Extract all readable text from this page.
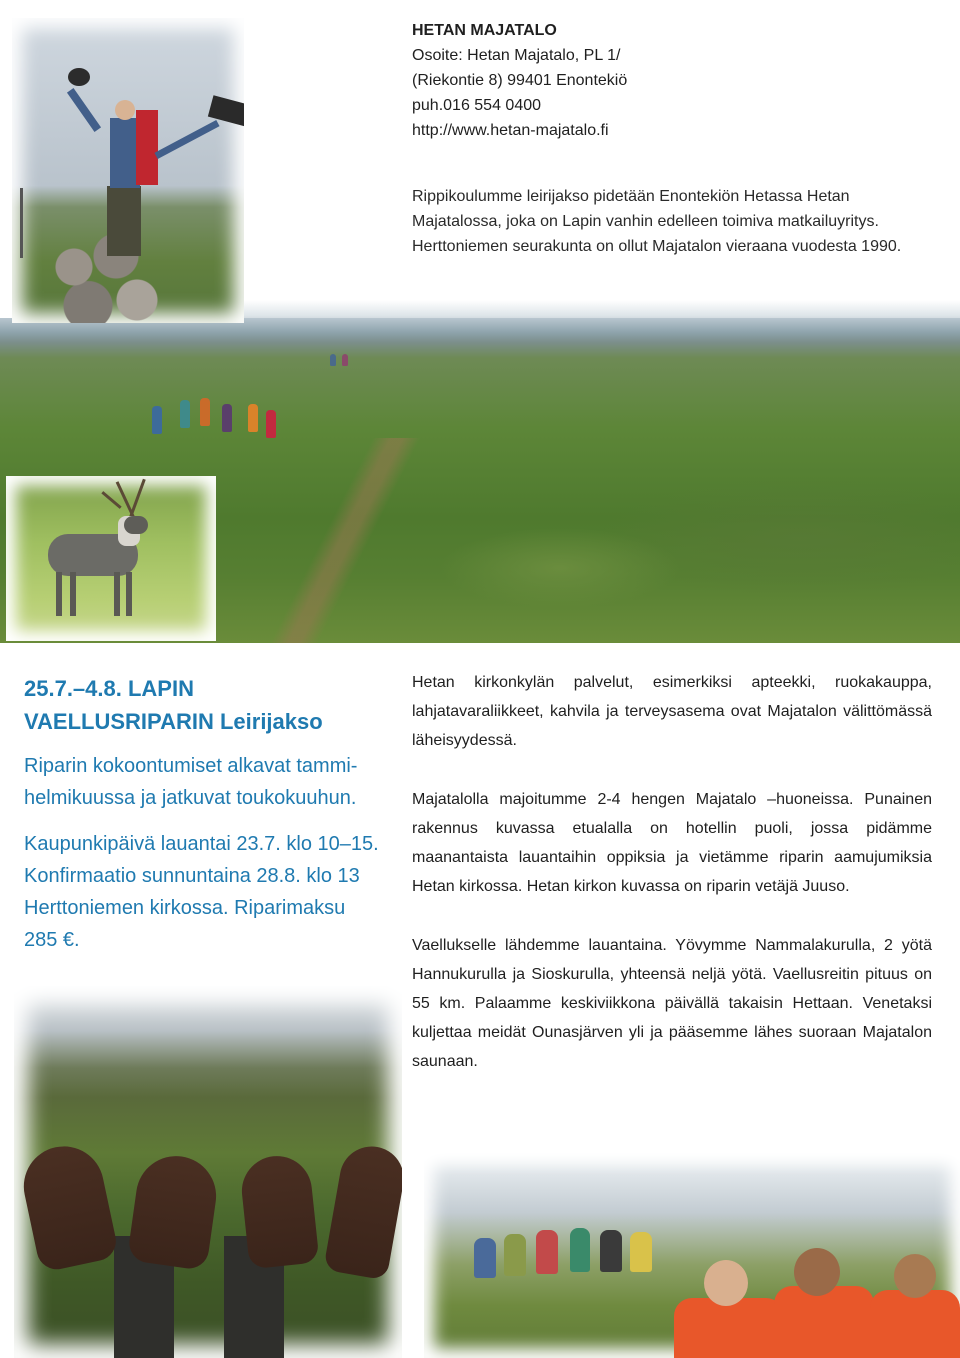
HETAN MAJATALO
Osoite: Hetan Majatalo, PL 1/
(Riekontie 8) 99401 Enontekiö
puh.016 554 0400
http://www.hetan-majatalo.fi
Rippikoulumme leirijakso pidetään Enontekiön Hetassa Hetan Majatalossa, joka on Lapin vanhin edelleen toimiva matkailuyritys. Herttoniemen seurakunta on ollut Majatalon vieraana vuodesta 1990.
25.7.–4.8. LAPIN VAELLUSRIPARIN Leirijakso

Riparin kokoontumiset alkavat tammi-helmikuussa ja jatkuvat toukokuuhun.

Kaupunkipäivä lauantai 23.7. klo 10–15. Konfirmaatio sunnuntaina 28.8. klo 13 Herttoniemen kirkossa. Riparimaksu 285 €.

Hetan kirkonkylän palvelut, esimerkiksi apteekki, ruokakauppa, lahjatavaraliikkeet, kahvila ja terveysasema ovat Majatalon välittömässä läheisyydessä.

Majatalolla majoitumme 2-4 hengen Majatalo –huoneissa. Punainen rakennus kuvassa etualalla on hotellin puoli, jossa pidämme maanantaista lauantaihin oppiksia ja vietämme riparin aamujumiksia Hetan kirkossa. Hetan kirkon kuvassa on riparin vetäjä Juuso.

Vaellukselle lähdemme lauantaina. Yövymme Nammalakurulla, 2 yötä Hannukurulla ja Sioskurulla, yhteensä neljä yötä. Vaellusreitin pituus on 55 km. Palaamme keskiviikkona päivällä takaisin Hettaan. Venetaksi kuljettaa meidät Ounasjärven yli ja pääsemme lähes suoraan Majatalon saunaan.
